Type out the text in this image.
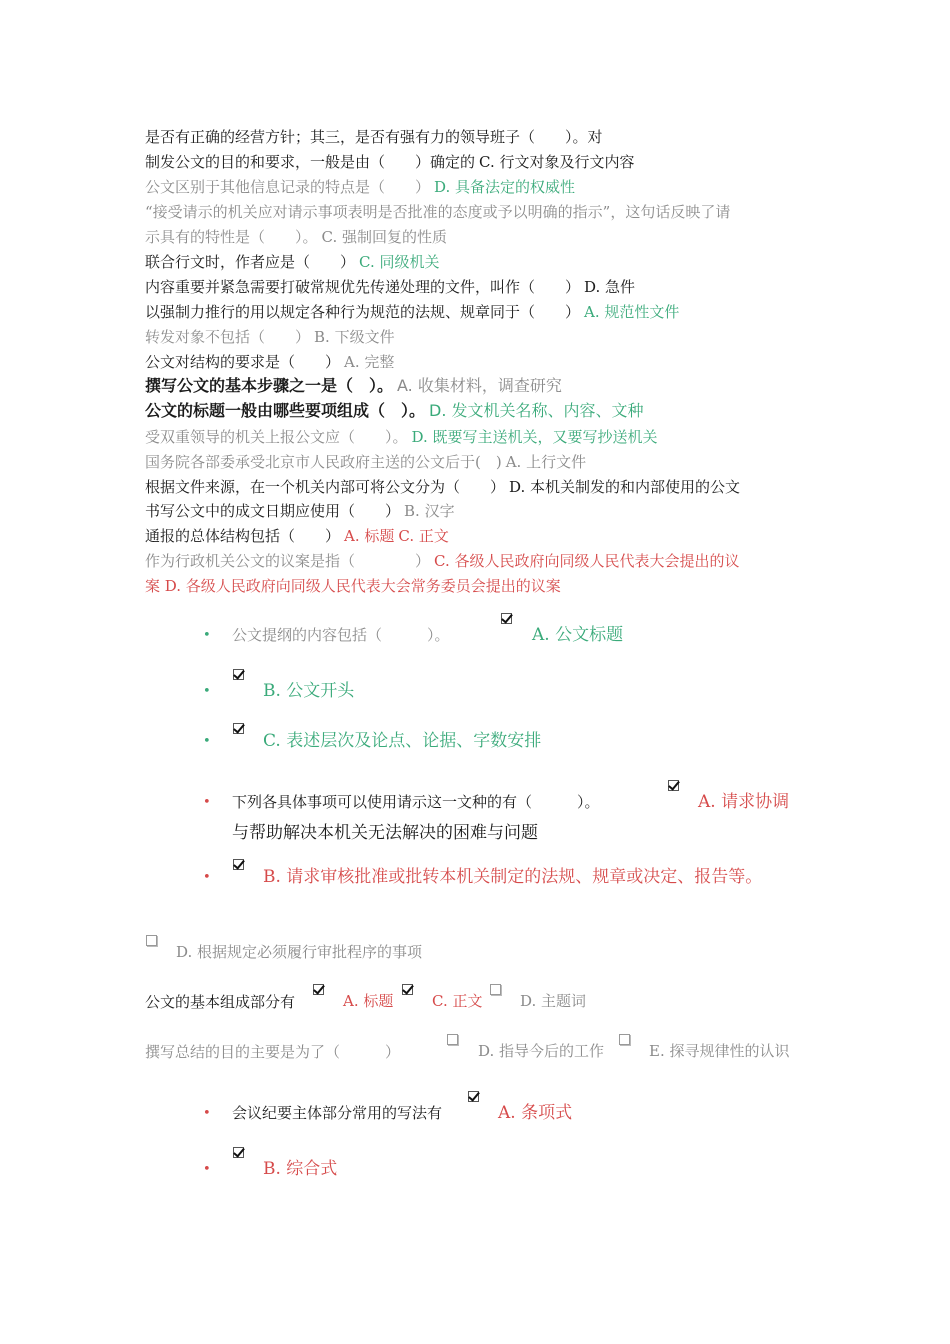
是否有正确的经营方针；其三，是否有强有力的领导班子（　　）。对
制发公文的目的和要求，一般是由（　　）确定的 C. 行文对象及行文内容
公文区别于其他信息记录的特点是（　　） D. 具备法定的权威性
“接受请示的机关应对请示事项表明是否批准的态度或予以明确的指示”，这句话反映了请
示具有的特性是（　　）。 C. 强制回复的性质
联合行文时，作者应是（　　） C. 同级机关
内容重要并紧急需要打破常规优先传递处理的文件，叫作（　　） D. 急件
以强制力推行的用以规定各种行为规范的法规、规章同于（　　） A. 规范性文件
转发对象不包括（　　） B. 下级文件
公文对结构的要求是（　　） A. 完整
撰写公文的基本步骤之一是（　）。 A. 收集材料，调查研究
公文的标题一般由哪些要项组成（　）。 D. 发文机关名称、内容、文种
受双重领导的机关上报公文应（　　）。 D. 既要写主送机关，又要写抄送机关
国务院各部委承受北京市人民政府主送的公文后于(　) A. 上行文件
根据文件来源，在一个机关内部可将公文分为（　　） D. 本机关制发的和内部使用的公文
书写公文中的成文日期应使用（　　） B. 汉字
通报的总体结构包括（　　） A. 标题 C. 正文
作为行政机关公文的议案是指（　　　　） C. 各级人民政府向同级人民代表大会提出的议
案 D. 各级人民政府向同级人民代表大会常务委员会提出的议案
• 公文提纲的内容包括（　　　）。	A. 公文标题
•	B. 公文开头
•	C. 表述层次及论点、论据、字数安排
• 下列各具体事项可以使用请示这一文种的有（　　　）。	A. 请求协调
与帮助解决本机关无法解决的困难与问题
•	B. 请求审核批准或批转本机关制定的法规、规章或决定、报告等。
D. 根据规定必须履行审批程序的事项
公文的基本组成部分有	A. 标题	C. 正文	D. 主题词
撰写总结的目的主要是为了（　　　）	D. 指导今后的工作	E. 探寻规律性的认识
• 会议纪要主体部分常用的写法有	A. 条项式
•	B. 综合式
